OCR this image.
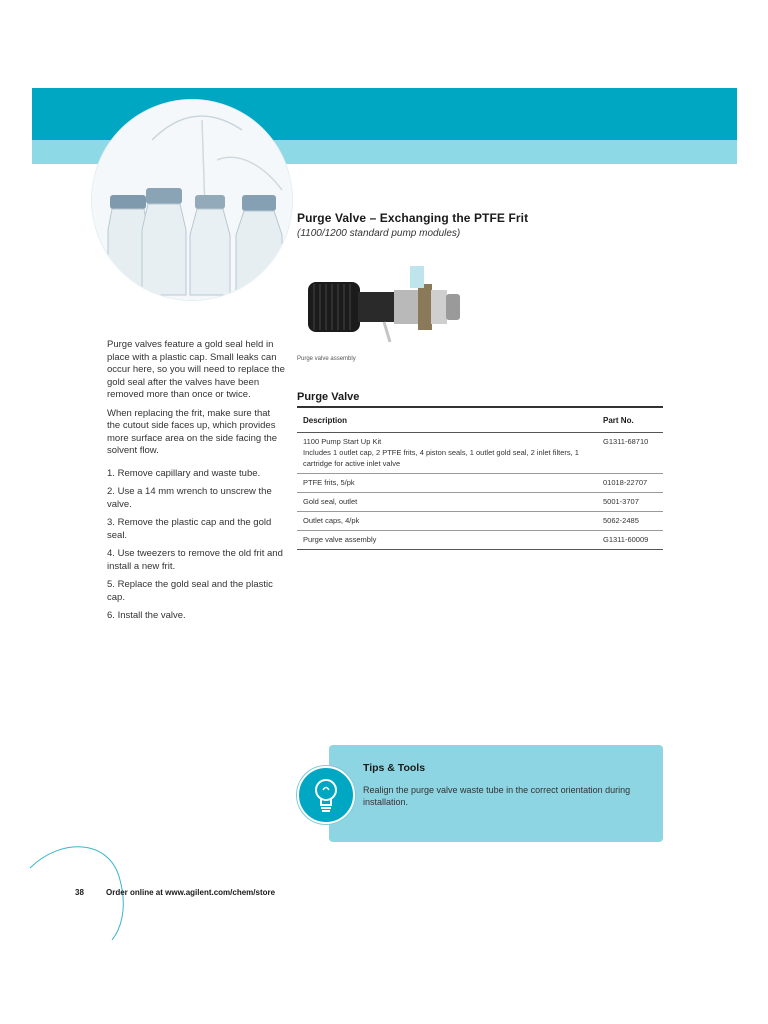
Purge Valve – Exchanging the PTFE Frit
(1100/1200 standard pump modules)
Purge valve assembly

Purge valves feature a gold seal held in place with a plastic cap. Small leaks can occur here, so you will need to replace the gold seal after the valves have been removed more than once or twice.

When replacing the frit, make sure that the cutout side faces up, which provides more surface area on the side facing the solvent flow.

1. Remove capillary and waste tube.
2. Use a 14 mm wrench to unscrew the valve.
3. Remove the plastic cap and the gold seal.
4. Use tweezers to remove the old frit and install a new frit.
5. Replace the gold seal and the plastic cap.
6. Install the valve.
Purge Valve
Description	Part No.
1100 Pump Start Up Kit
Includes 1 outlet cap, 2 PTFE frits, 4 piston seals, 1 outlet gold seal, 2 inlet filters, 1 cartridge for active inlet valve	G1311-68710
PTFE frits, 5/pk	01018-22707
Gold seal, outlet	5001-3707
Outlet caps, 4/pk	5062-2485
Purge valve assembly	G1311-60009
Tips & Tools
Realign the purge valve waste tube in the correct orientation during installation.
38	Order online at www.agilent.com/chem/store
